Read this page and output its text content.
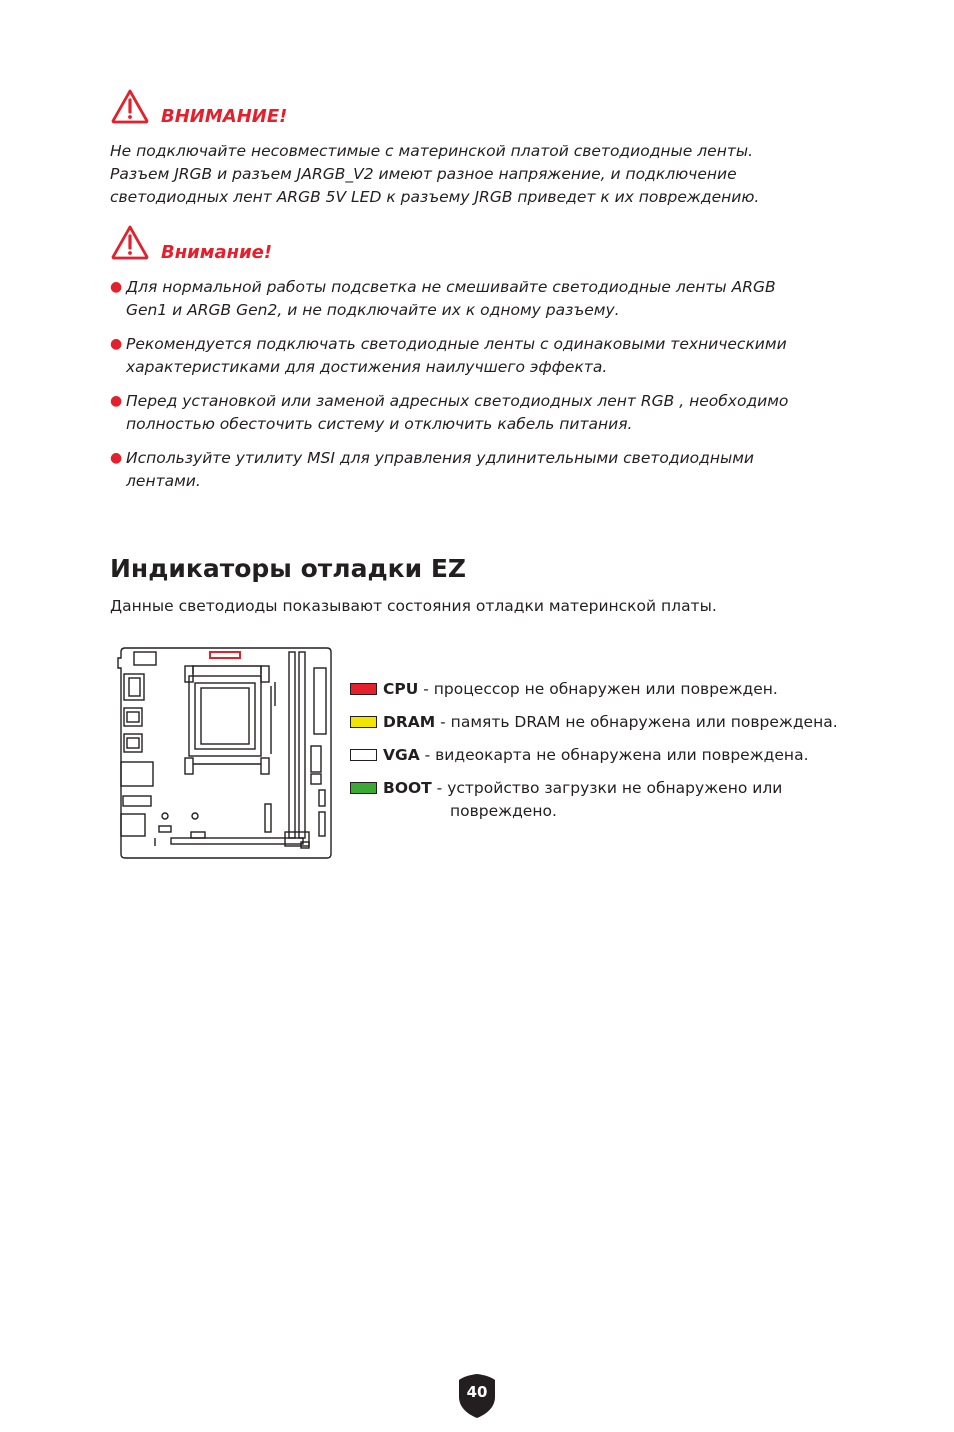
ВНИМАНИЕ!

Не подключайте несовместимые с материнской платой светодиодные ленты.

Разъем JRGB и разъем JARGB_V2 имеют разное напряжение, и подключение

светодиодных лент ARGB 5V LED к разъему JRGB приведет к их повреждению.

Внимание!
● Для нормальной работы подсветка не смешивайте светодиодные ленты ARGB
Gen1 и ARGB Gen2, и не подключайте их к одному разъему.
● Рекомендуется подключать светодиодные ленты с одинаковыми техническими
характеристиками для достижения наилучшего эффекта.
● Перед установкой или заменой адресных светодиодных лент RGB , необходимо
полностью обесточить систему и отключить кабель питания.
● Используйте утилиту MSI для управления удлинительными светодиодными
лентами.
Индикаторы отладки EZ
Данные светодиоды показывают состояния отладки материнской платы.
CPU - процессор не обнаружен или поврежден.
DRAM - память DRAM не обнаружена или повреждена.
VGA - видеокарта не обнаружена или повреждена.
BOOT - устройство загрузки не обнаружено или
повреждено.
40
